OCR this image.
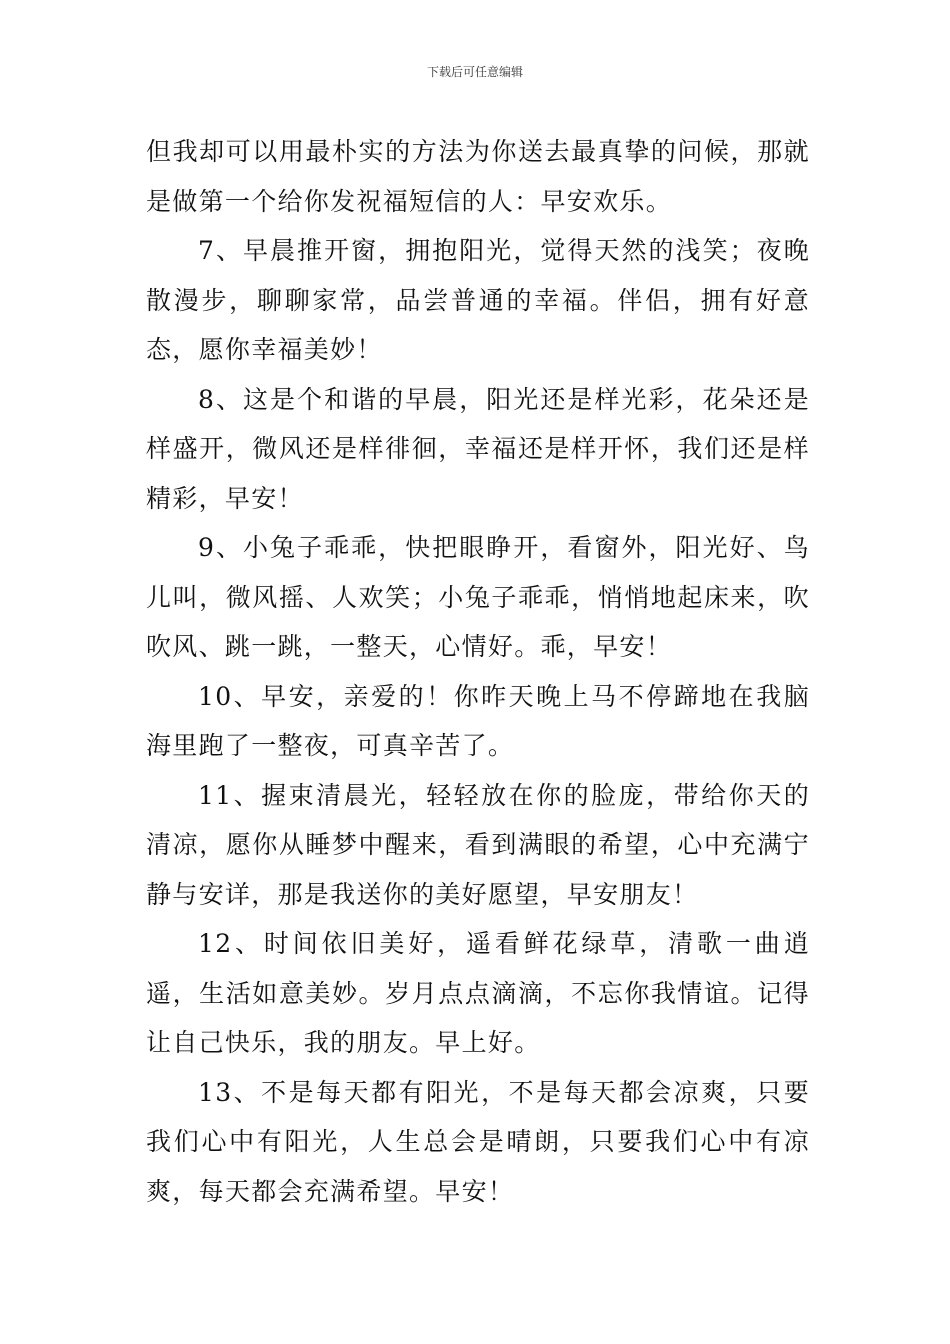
下载后可任意编辑

但我却可以用最朴实的方法为你送去最真挚的问候，那就是做第一个给你发祝福短信的人：早安欢乐。

7、早晨推开窗，拥抱阳光，觉得天然的浅笑；夜晚散漫步，聊聊家常，品尝普通的幸福。伴侣，拥有好意态，愿你幸福美妙！

8、这是个和谐的早晨，阳光还是样光彩，花朵还是样盛开，微风还是样徘徊，幸福还是样开怀，我们还是样精彩，早安！

9、小兔子乖乖，快把眼睁开，看窗外，阳光好、鸟儿叫，微风摇、人欢笑；小兔子乖乖，悄悄地起床来，吹吹风、跳一跳，一整天，心情好。乖，早安！

10、早安，亲爱的！你昨天晚上马不停蹄地在我脑海里跑了一整夜，可真辛苦了。

11、握束清晨光，轻轻放在你的脸庞，带给你天的清凉，愿你从睡梦中醒来，看到满眼的希望，心中充满宁静与安详，那是我送你的美好愿望，早安朋友！

12、时间依旧美好，遥看鲜花绿草，清歌一曲逍遥，生活如意美妙。岁月点点滴滴，不忘你我情谊。记得让自己快乐，我的朋友。早上好。

13、不是每天都有阳光，不是每天都会凉爽，只要我们心中有阳光，人生总会是晴朗，只要我们心中有凉爽，每天都会充满希望。早安！
